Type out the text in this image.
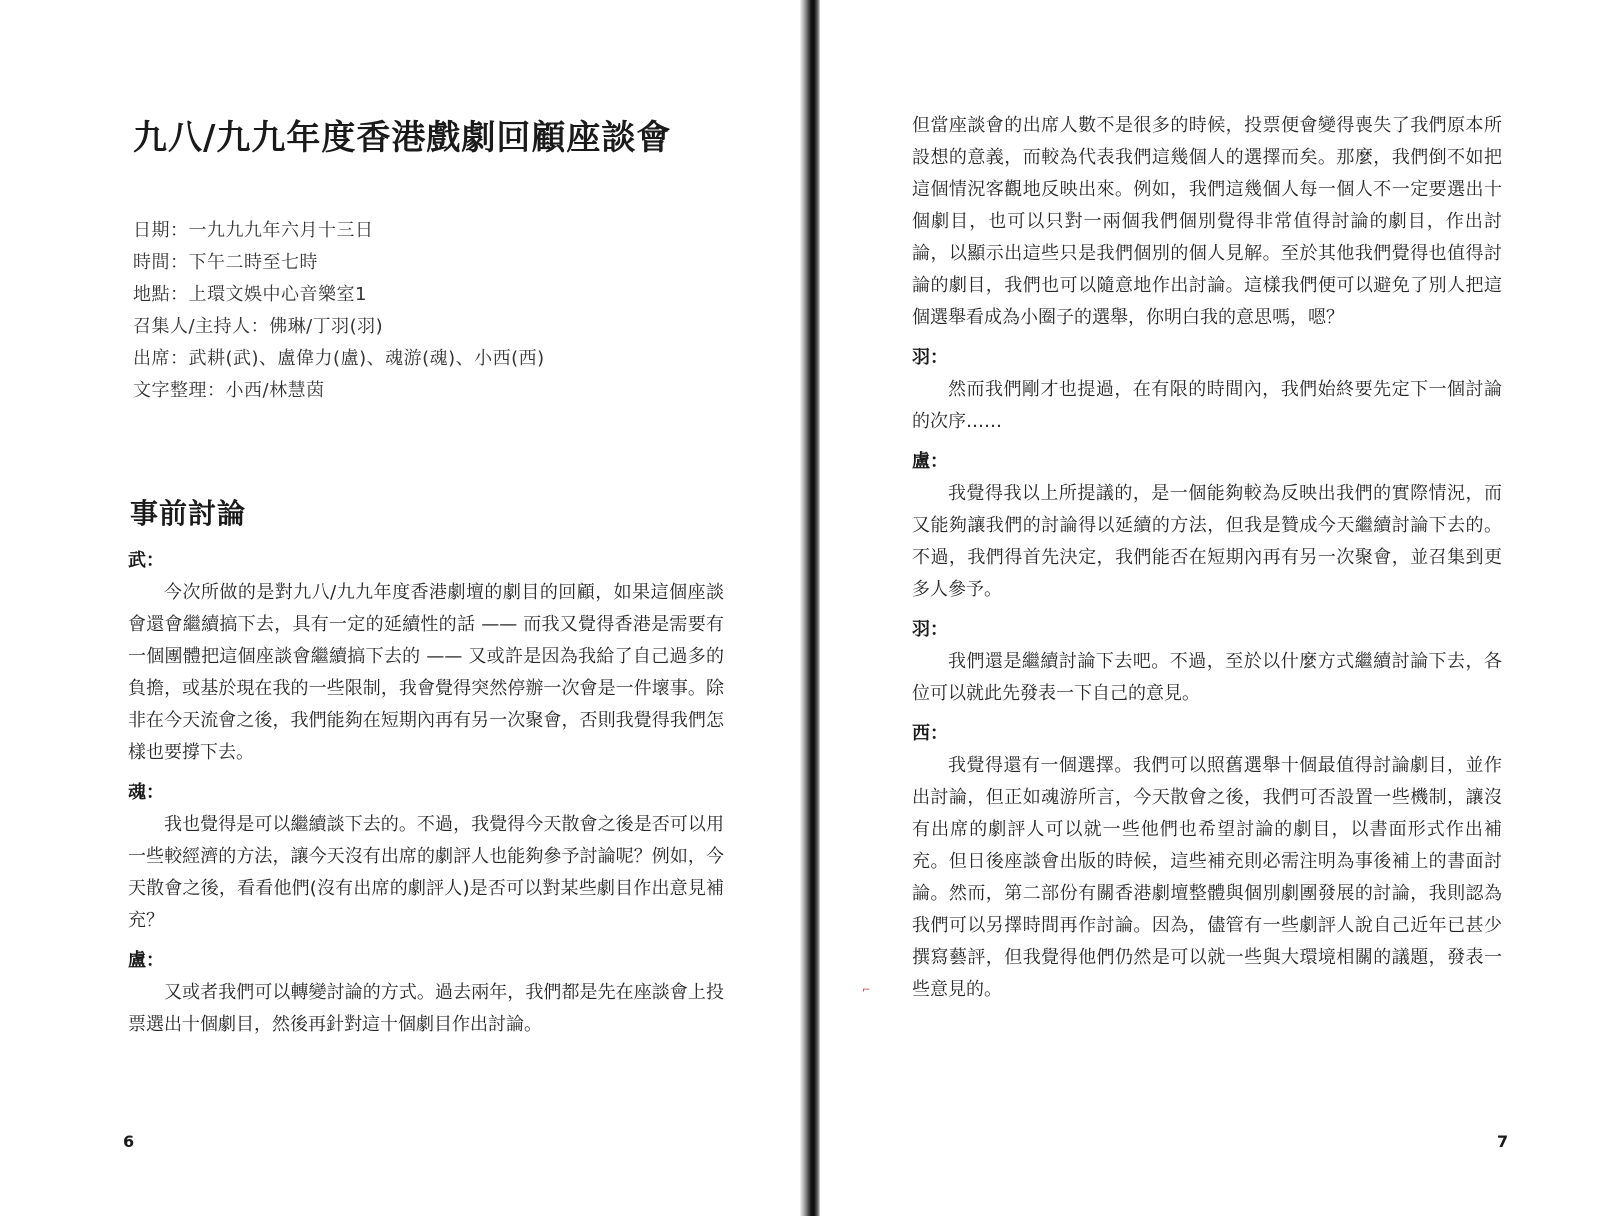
九八/九九年度香港戲劇回顧座談會
日期：一九九九年六月十三日
時間：下午二時至七時
地點：上環文娛中心音樂室1
召集人/主持人：佛琳/丁羽(羽)
出席：武耕(武)、盧偉力(盧)、魂游(魂)、小西(西)
文字整理：小西/林慧茵
事前討論

武：

今次所做的是對九八/九九年度香港劇壇的劇目的回顧，如果這個座談會還會繼續搞下去，具有一定的延續性的話 —— 而我又覺得香港是需要有一個團體把這個座談會繼續搞下去的 —— 又或許是因為我給了自己過多的負擔，或基於現在我的一些限制，我會覺得突然停辦一次會是一件壞事。除非在今天流會之後，我們能夠在短期內再有另一次聚會，否則我覺得我們怎樣也要撐下去。

魂：

我也覺得是可以繼續談下去的。不過，我覺得今天散會之後是否可以用一些較經濟的方法，讓今天沒有出席的劇評人也能夠參予討論呢？例如，今天散會之後，看看他們(沒有出席的劇評人)是否可以對某些劇目作出意見補充？

盧：

又或者我們可以轉變討論的方式。過去兩年，我們都是先在座談會上投票選出十個劇目，然後再針對這十個劇目作出討論。

6

但當座談會的出席人數不是很多的時候，投票便會變得喪失了我們原本所設想的意義，而較為代表我們這幾個人的選擇而矣。那麼，我們倒不如把這個情況客觀地反映出來。例如，我們這幾個人每一個人不一定要選出十個劇目，也可以只對一兩個我們個別覺得非常值得討論的劇目，作出討論，以顯示出這些只是我們個別的個人見解。至於其他我們覺得也值得討論的劇目，我們也可以隨意地作出討論。這樣我們便可以避免了別人把這個選舉看成為小圈子的選舉，你明白我的意思嗎，嗯？

羽：

然而我們剛才也提過，在有限的時間內，我們始終要先定下一個討論的次序……

盧：

我覺得我以上所提議的，是一個能夠較為反映出我們的實際情況，而又能夠讓我們的討論得以延續的方法，但我是贊成今天繼續討論下去的。不過，我們得首先決定，我們能否在短期內再有另一次聚會，並召集到更多人參予。

羽：

我們還是繼續討論下去吧。不過，至於以什麼方式繼續討論下去，各位可以就此先發表一下自己的意見。

西：

我覺得還有一個選擇。我們可以照舊選舉十個最值得討論劇目，並作出討論，但正如魂游所言，今天散會之後，我們可否設置一些機制，讓沒有出席的劇評人可以就一些他們也希望討論的劇目，以書面形式作出補充。但日後座談會出版的時候，這些補充則必需注明為事後補上的書面討論。然而，第二部份有關香港劇壇整體與個別劇團發展的討論，我則認為我們可以另擇時間再作討論。因為，儘管有一些劇評人說自己近年已甚少撰寫藝評，但我覺得他們仍然是可以就一些與大環境相關的議題，發表一些意見的。

7
⌐
